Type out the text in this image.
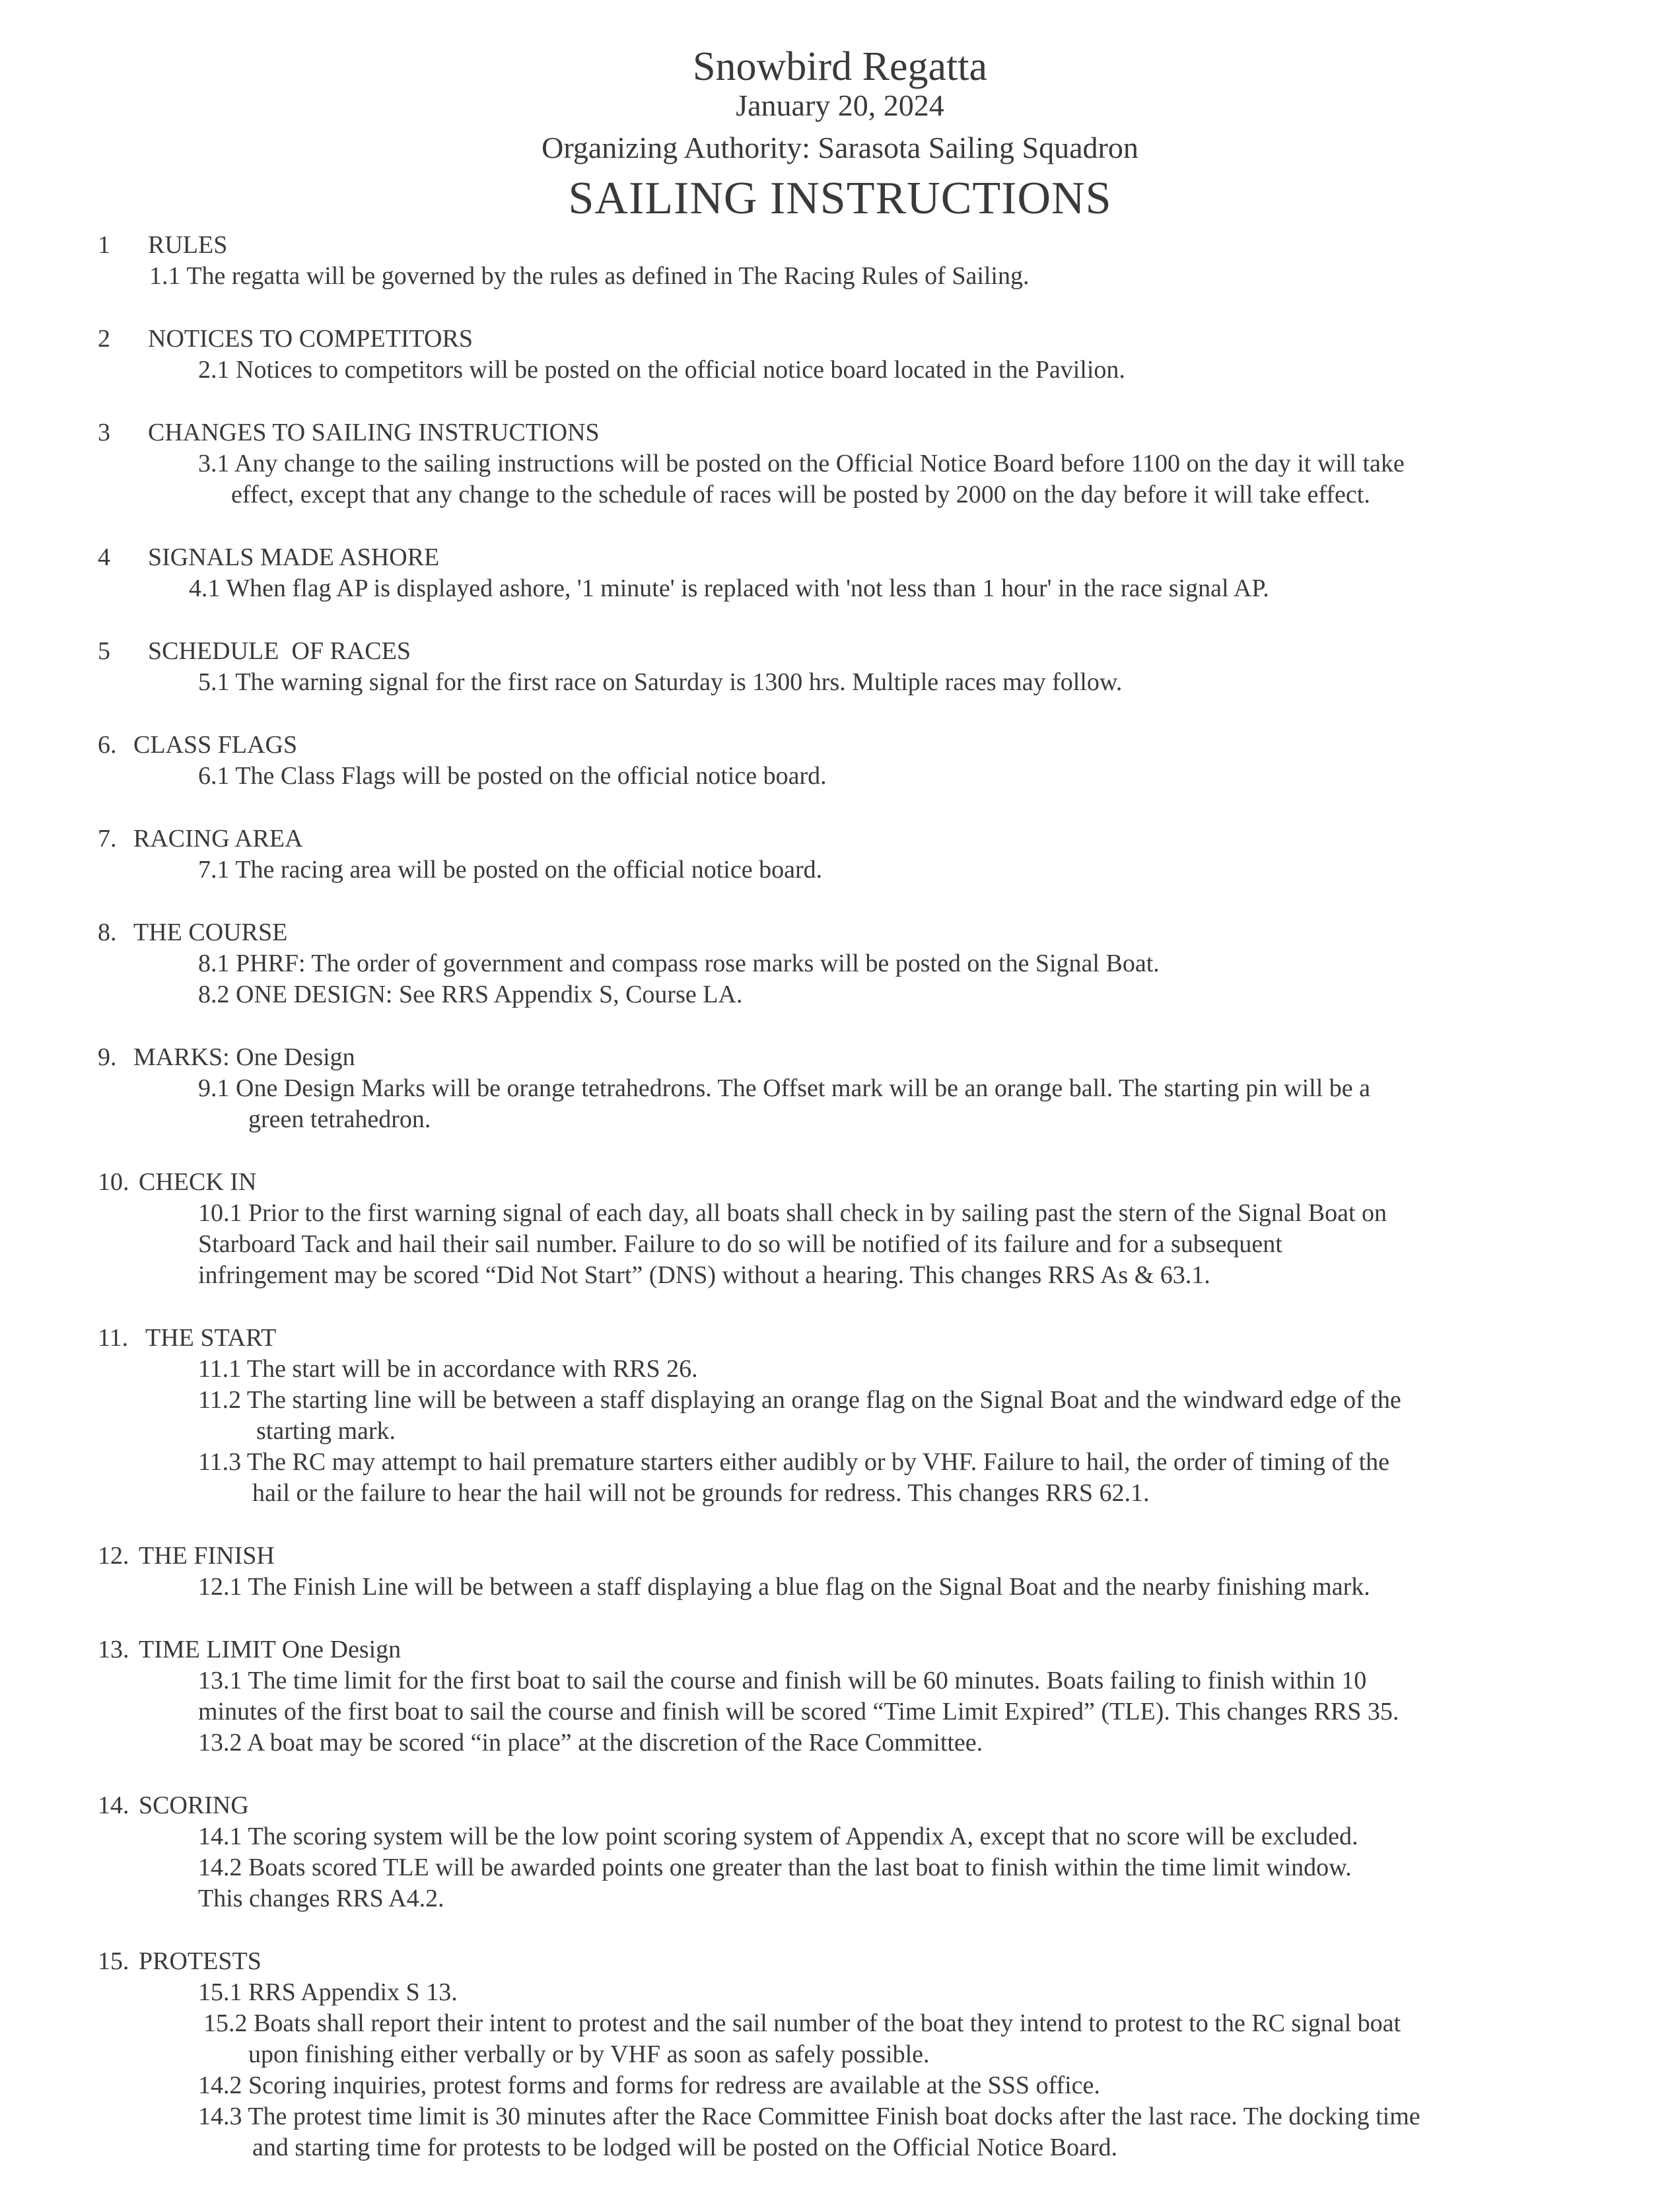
Snowbird Regatta
January 20, 2024
Organizing Authority: Sarasota Sailing Squadron
SAILING INSTRUCTIONS
1 RULES
1.1 The regatta will be governed by the rules as defined in The Racing Rules of Sailing.
2 NOTICES TO COMPETITORS
2.1 Notices to competitors will be posted on the official notice board located in the Pavilion.
3 CHANGES TO SAILING INSTRUCTIONS
3.1 Any change to the sailing instructions will be posted on the Official Notice Board before 1100 on the day it will take
effect, except that any change to the schedule of races will be posted by 2000 on the day before it will take effect.
4 SIGNALS MADE ASHORE
4.1 When flag AP is displayed ashore, '1 minute' is replaced with 'not less than 1 hour' in the race signal AP.
5 SCHEDULE  OF RACES
5.1 The warning signal for the first race on Saturday is 1300 hrs. Multiple races may follow.
6. CLASS FLAGS
6.1 The Class Flags will be posted on the official notice board.
7. RACING AREA
7.1 The racing area will be posted on the official notice board.
8. THE COURSE
8.1 PHRF: The order of government and compass rose marks will be posted on the Signal Boat.
8.2 ONE DESIGN: See RRS Appendix S, Course LA.
9. MARKS: One Design
9.1 One Design Marks will be orange tetrahedrons. The Offset mark will be an orange ball. The starting pin will be a
green tetrahedron.
10. CHECK IN
10.1 Prior to the first warning signal of each day, all boats shall check in by sailing past the stern of the Signal Boat on
Starboard Tack and hail their sail number. Failure to do so will be notified of its failure and for a subsequent
infringement may be scored “Did Not Start” (DNS) without a hearing. This changes RRS As & 63.1.
11. THE START
11.1 The start will be in accordance with RRS 26.
11.2 The starting line will be between a staff displaying an orange flag on the Signal Boat and the windward edge of the
starting mark.
11.3 The RC may attempt to hail premature starters either audibly or by VHF. Failure to hail, the order of timing of the
hail or the failure to hear the hail will not be grounds for redress. This changes RRS 62.1.
12. THE FINISH
12.1 The Finish Line will be between a staff displaying a blue flag on the Signal Boat and the nearby finishing mark.
13. TIME LIMIT One Design
13.1 The time limit for the first boat to sail the course and finish will be 60 minutes. Boats failing to finish within 10
minutes of the first boat to sail the course and finish will be scored “Time Limit Expired” (TLE). This changes RRS 35.
13.2 A boat may be scored “in place” at the discretion of the Race Committee.
14. SCORING
14.1 The scoring system will be the low point scoring system of Appendix A, except that no score will be excluded.
14.2 Boats scored TLE will be awarded points one greater than the last boat to finish within the time limit window.
This changes RRS A4.2.
15. PROTESTS
15.1 RRS Appendix S 13.
15.2 Boats shall report their intent to protest and the sail number of the boat they intend to protest to the RC signal boat
upon finishing either verbally or by VHF as soon as safely possible.
14.2 Scoring inquiries, protest forms and forms for redress are available at the SSS office.
14.3 The protest time limit is 30 minutes after the Race Committee Finish boat docks after the last race. The docking time
and starting time for protests to be lodged will be posted on the Official Notice Board.
